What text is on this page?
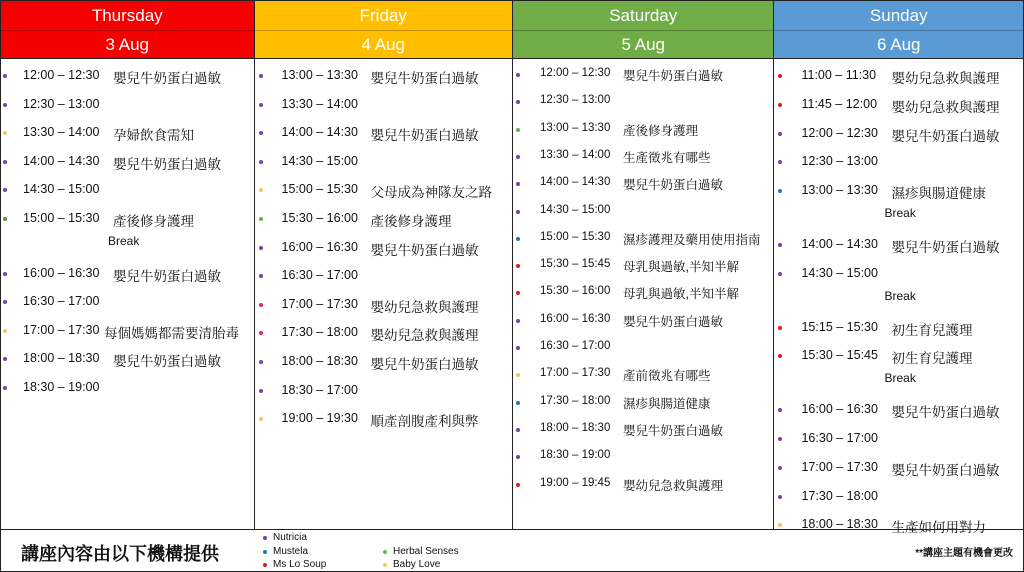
Thursday
3 Aug
12:00 – 12:30 嬰兒牛奶蛋白過敏
12:30 – 13:00
13:30 – 14:00 孕婦飲食需知
14:00 – 14:30 嬰兒牛奶蛋白過敏
14:30 – 15:00
15:00 – 15:30 產後修身護理
Break
16:00 – 16:30 嬰兒牛奶蛋白過敏
16:30 – 17:00
17:00 – 17:30 每個媽媽都需要清胎毒
18:00 – 18:30 嬰兒牛奶蛋白過敏
18:30 – 19:00
Friday
4 Aug
13:00 – 13:30 嬰兒牛奶蛋白過敏
13:30 – 14:00
14:00 – 14:30 嬰兒牛奶蛋白過敏
14:30 – 15:00
15:00 – 15:30 父母成為神隊友之路
15:30 – 16:00 產後修身護理
16:00 – 16:30 嬰兒牛奶蛋白過敏
16:30 – 17:00
17:00 – 17:30 嬰幼兒急救與護理
17:30 – 18:00 嬰幼兒急救與護理
18:00 – 18:30 嬰兒牛奶蛋白過敏
18:30 – 17:00
19:00 – 19:30 順產剖腹產利與弊
Saturday
5 Aug
12:00 – 12:30 嬰兒牛奶蛋白過敏
12:30 – 13:00
13:00 – 13:30 產後修身護理
13:30 – 14:00 生產徵兆有哪些
14:00 – 14:30 嬰兒牛奶蛋白過敏
14:30 – 15:00
15:00 – 15:30 濕疹護理及藥用使用指南
15:30 – 15:45 母乳與過敏,半知半解
15:30 – 16:00 母乳與過敏,半知半解
16:00 – 16:30 嬰兒牛奶蛋白過敏
16:30 – 17:00
17:00 – 17:30 產前徵兆有哪些
17:30 – 18:00 濕疹與腸道健康
18:00 – 18:30 嬰兒牛奶蛋白過敏
18:30 – 19:00
19:00 – 19:45 嬰幼兒急救與護理
Sunday
6 Aug
11:00 – 11:30 嬰幼兒急救與護理
11:45 – 12:00 嬰幼兒急救與護理
12:00 – 12:30 嬰兒牛奶蛋白過敏
12:30 – 13:00
13:00 – 13:30 濕疹與腸道健康
Break
14:00 – 14:30 嬰兒牛奶蛋白過敏
14:30 – 15:00
Break
15:15 – 15:30 初生育兒護理
15:30 – 15:45 初生育兒護理
Break
16:00 – 16:30 嬰兒牛奶蛋白過敏
16:30 – 17:00
17:00 – 17:30 嬰兒牛奶蛋白過敏
17:30 – 18:00
18:00 – 18:30 生產如何用對力
講座內容由以下機構提供
Nutricia
Mustela
Ms Lo Soup
Herbal Senses
Baby Love
**講座主題有機會更改
